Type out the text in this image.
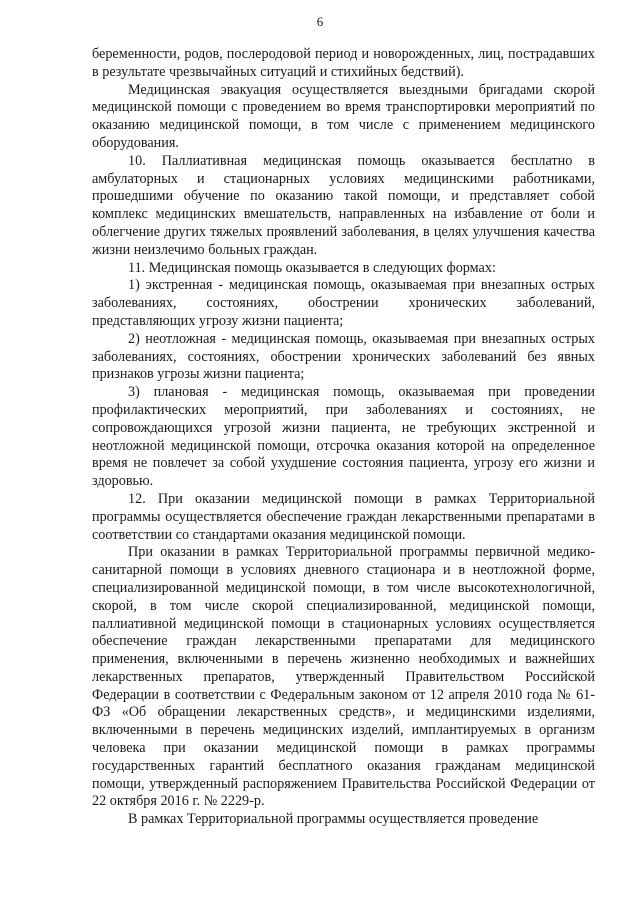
6

беременности, родов, послеродовой период и новорожденных, лиц, пострадавших в результате чрезвычайных ситуаций и стихийных бедствий).

Медицинская эвакуация осуществляется выездными бригадами скорой медицинской помощи с проведением во время транспортировки мероприятий по оказанию медицинской помощи, в том числе с применением медицинского оборудования.

10. Паллиативная медицинская помощь оказывается бесплатно в амбулаторных и стационарных условиях медицинскими работниками, прошедшими обучение по оказанию такой помощи, и представляет собой комплекс медицинских вмешательств, направленных на избавление от боли и облегчение других тяжелых проявлений заболевания, в целях улучшения качества жизни неизлечимо больных граждан.

11. Медицинская помощь оказывается в следующих формах:

1) экстренная - медицинская помощь, оказываемая при внезапных острых заболеваниях, состояниях, обострении хронических заболеваний, представляющих угрозу жизни пациента;

2) неотложная - медицинская помощь, оказываемая при внезапных острых заболеваниях, состояниях, обострении хронических заболеваний без явных признаков угрозы жизни пациента;

3) плановая - медицинская помощь, оказываемая при проведении профилактических мероприятий, при заболеваниях и состояниях, не сопровождающихся угрозой жизни пациента, не требующих экстренной и неотложной медицинской помощи, отсрочка оказания которой на определенное время не повлечет за собой ухудшение состояния пациента, угрозу его жизни и здоровью.

12. При оказании медицинской помощи в рамках Территориальной программы осуществляется обеспечение граждан лекарственными препаратами в соответствии со стандартами оказания медицинской помощи.

При оказании в рамках Территориальной программы первичной медико-санитарной помощи в условиях дневного стационара и в неотложной форме, специализированной медицинской помощи, в том числе высокотехнологичной, скорой, в том числе скорой специализированной, медицинской помощи, паллиативной медицинской помощи в стационарных условиях осуществляется обеспечение граждан лекарственными препаратами для медицинского применения, включенными в перечень жизненно необходимых и важнейших лекарственных препаратов, утвержденный Правительством Российской Федерации в соответствии с Федеральным законом от 12 апреля 2010 года № 61-ФЗ «Об обращении лекарственных средств», и медицинскими изделиями, включенными в перечень медицинских изделий, имплантируемых в организм человека при оказании медицинской помощи в рамках программы государственных гарантий бесплатного оказания гражданам медицинской помощи, утвержденный распоряжением Правительства Российской Федерации от 22 октября 2016 г. № 2229-р.

В рамках Территориальной программы осуществляется проведение
